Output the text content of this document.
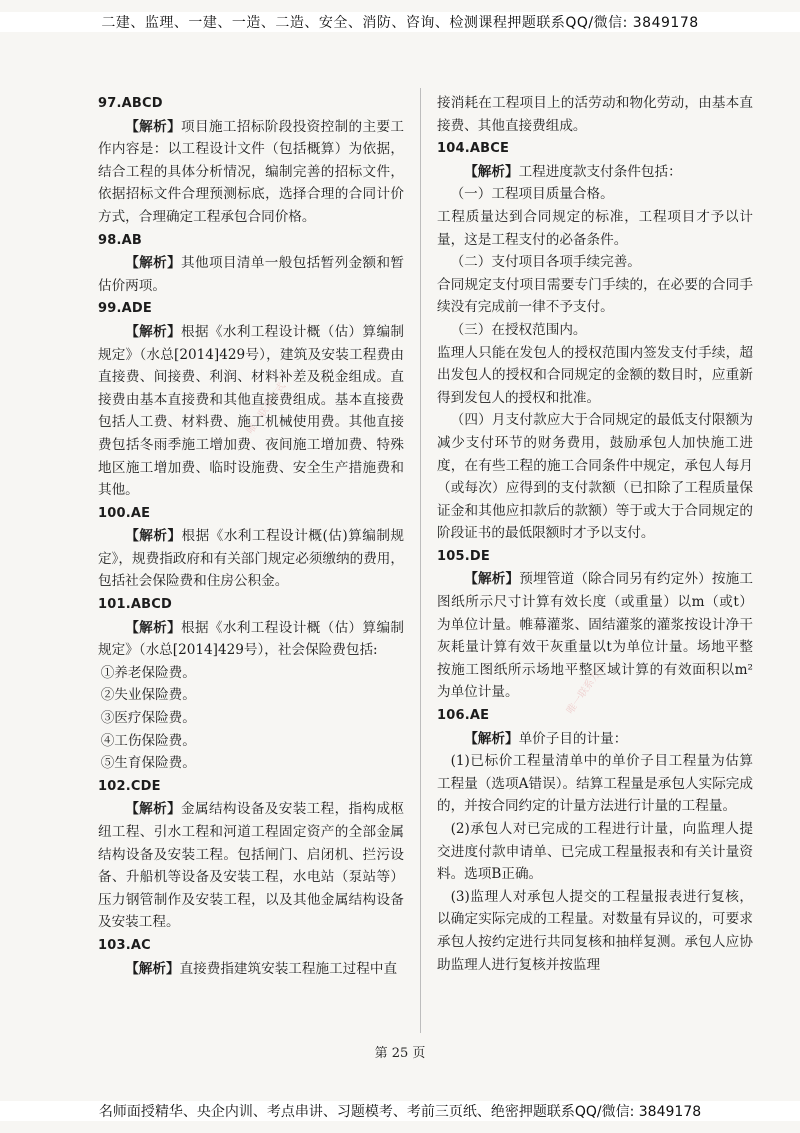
二建、监理、一建、一造、二造、安全、消防、咨询、检测课程押题联系QQ/微信: 3849178
唯一联系方式
唯一联系方式
97.ABCD

【解析】项目施工招标阶段投资控制的主要工作内容是：以工程设计文件（包括概算）为依据，结合工程的具体分析情况，编制完善的招标文件，依据招标文件合理预测标底，选择合理的合同计价方式，合理确定工程承包合同价格。

98.AB

【解析】其他项目清单一般包括暂列金额和暂估价两项。

99.ADE

【解析】根据《水利工程设计概（估）算编制规定》（水总[2014]429号），建筑及安装工程费由直接费、间接费、利润、材料补差及税金组成。直接费由基本直接费和其他直接费组成。基本直接费包括人工费、材料费、施工机械使用费。其他直接费包括冬雨季施工增加费、夜间施工增加费、特殊地区施工增加费、临时设施费、安全生产措施费和其他。

100.AE

【解析】根据《水利工程设计概(估)算编制规定》，规费指政府和有关部门规定必须缴纳的费用，包括社会保险费和住房公积金。

101.ABCD

【解析】根据《水利工程设计概（估）算编制规定》（水总[2014]429号），社会保险费包括:

①养老保险费。

②失业保险费。

③医疗保险费。

④工伤保险费。

⑤生育保险费。

102.CDE

【解析】金属结构设备及安装工程，指构成枢纽工程、引水工程和河道工程固定资产的全部金属结构设备及安装工程。包括闸门、启闭机、拦污设备、升船机等设备及安装工程，水电站（泵站等）压力钢管制作及安装工程，以及其他金属结构设备及安装工程。

103.AC

【解析】直接费指建筑安装工程施工过程中直

接消耗在工程项目上的活劳动和物化劳动，由基本直接费、其他直接费组成。

104.ABCE

【解析】工程进度款支付条件包括：

（一）工程项目质量合格。

工程质量达到合同规定的标准，工程项目才予以计量，这是工程支付的必备条件。

（二）支付项目各项手续完善。

合同规定支付项目需要专门手续的，在必要的合同手续没有完成前一律不予支付。

（三）在授权范围内。

监理人只能在发包人的授权范围内签发支付手续，超出发包人的授权和合同规定的金额的数目时，应重新得到发包人的授权和批准。

（四）月支付款应大于合同规定的最低支付限额为减少支付环节的财务费用，鼓励承包人加快施工进度，在有些工程的施工合同条件中规定，承包人每月（或每次）应得到的支付款额（已扣除了工程质量保证金和其他应扣款后的款额）等于或大于合同规定的阶段证书的最低限额时才予以支付。

105.DE

【解析】预埋管道（除合同另有约定外）按施工图纸所示尺寸计算有效长度（或重量）以m（或t）为单位计量。帷幕灌浆、固结灌浆的灌浆按设计净干灰耗量计算有效干灰重量以t为单位计量。场地平整按施工图纸所示场地平整区域计算的有效面积以m²为单位计量。

106.AE

【解析】单价子目的计量：

(1)已标价工程量清单中的单价子目工程量为估算工程量（选项A错误）。结算工程量是承包人实际完成的，并按合同约定的计量方法进行计量的工程量。

(2)承包人对已完成的工程进行计量，向监理人提交进度付款申请单、已完成工程量报表和有关计量资料。选项B正确。

(3)监理人对承包人提交的工程量报表进行复核，以确定实际完成的工程量。对数量有异议的，可要求承包人按约定进行共同复核和抽样复测。承包人应协助监理人进行复核并按监理

第 25 页
名师面授精华、央企内训、考点串讲、习题模考、考前三页纸、绝密押题联系QQ/微信: 3849178
